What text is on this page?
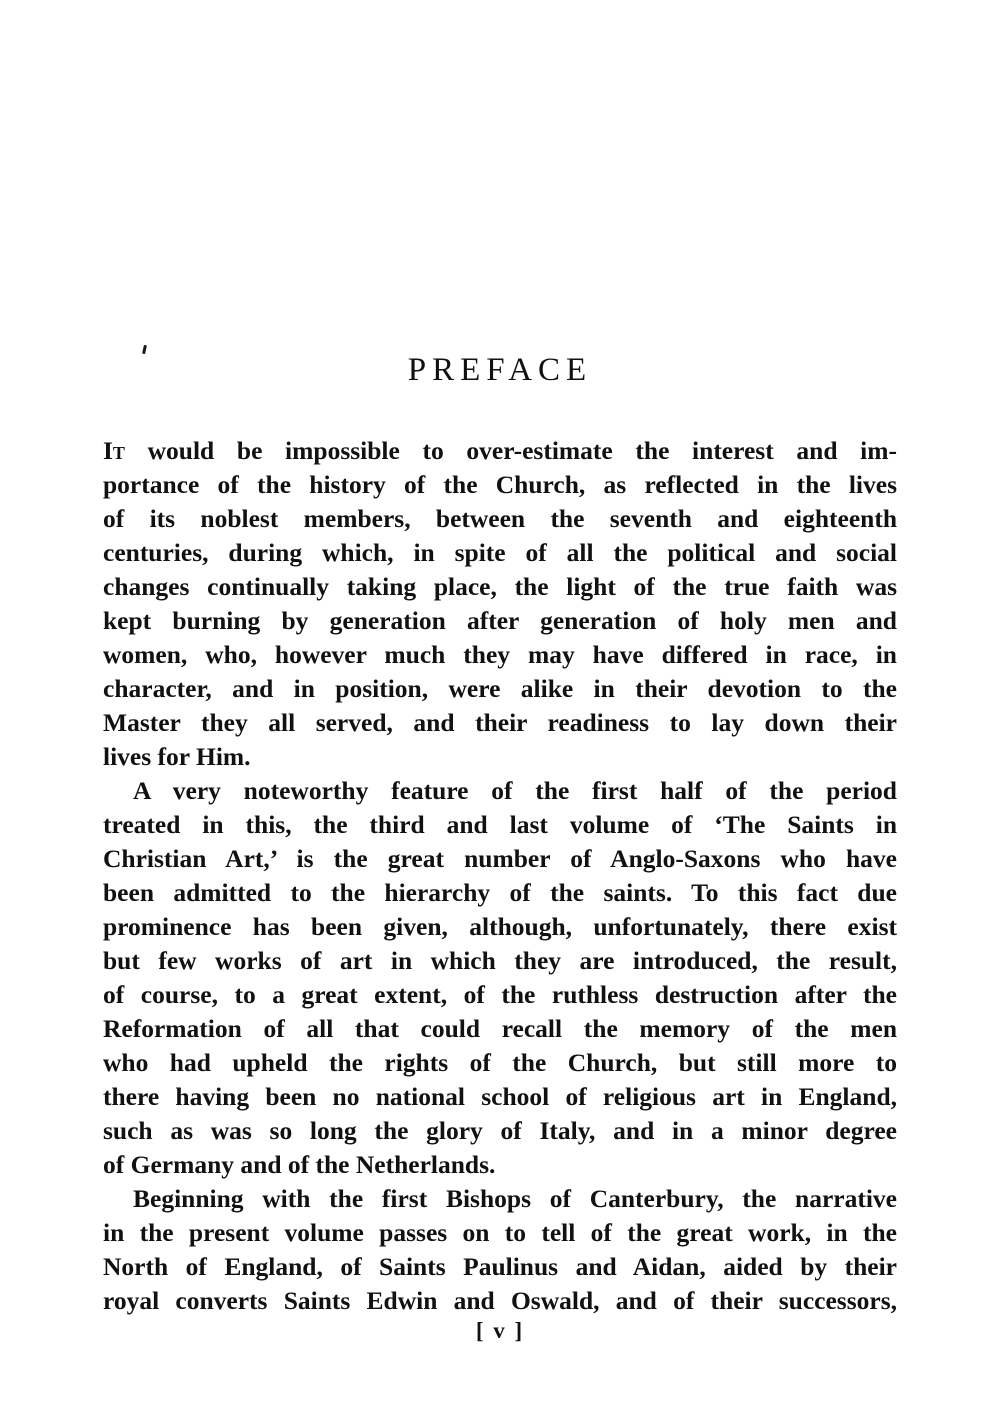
PREFACE
It would be impossible to over-estimate the interest and im-
portance of the history of the Church, as reflected in the lives
of its noblest members, between the seventh and eighteenth
centuries, during which, in spite of all the political and social
changes continually taking place, the light of the true faith was
kept burning by generation after generation of holy men and
women, who, however much they may have differed in race, in
character, and in position, were alike in their devotion to the
Master they all served, and their readiness to lay down their
lives for Him.
A very noteworthy feature of the first half of the period
treated in this, the third and last volume of ‘The Saints in
Christian Art,’ is the great number of Anglo-Saxons who have
been admitted to the hierarchy of the saints. To this fact due
prominence has been given, although, unfortunately, there exist
but few works of art in which they are introduced, the result,
of course, to a great extent, of the ruthless destruction after the
Reformation of all that could recall the memory of the men
who had upheld the rights of the Church, but still more to
there having been no national school of religious art in England,
such as was so long the glory of Italy, and in a minor degree
of Germany and of the Netherlands.
Beginning with the first Bishops of Canterbury, the narrative
in the present volume passes on to tell of the great work, in the
North of England, of Saints Paulinus and Aidan, aided by their
royal converts Saints Edwin and Oswald, and of their successors,
[ v ]
